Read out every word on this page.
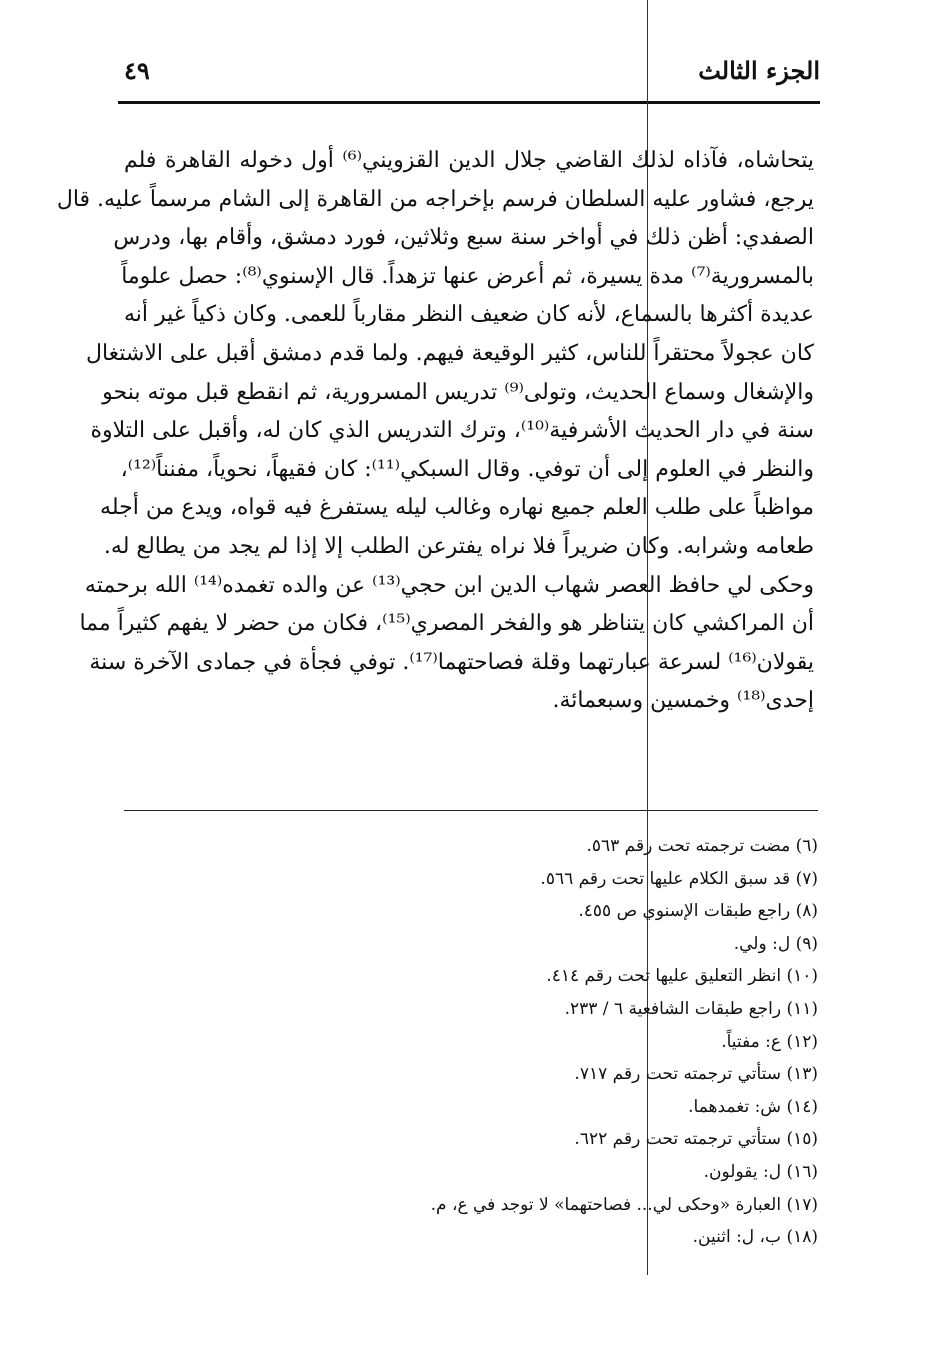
الجزء الثالث
٤٩
يتحاشاه، فآذاه لذلك القاضي جلال الدين القزويني⁽⁶⁾ أول دخوله القاهرة فلم
يرجع، فشاور عليه السلطان فرسم بإخراجه من القاهرة إلى الشام مرسماً عليه. قال
الصفدي: أظن ذلك في أواخر سنة سبع وثلاثين، فورد دمشق، وأقام بها، ودرس
بالمسرورية⁽⁷⁾ مدة يسيرة، ثم أعرض عنها تزهداً. قال الإسنوي⁽⁸⁾: حصل علوماً
عديدة أكثرها بالسماع، لأنه كان ضعيف النظر مقارباً للعمى. وكان ذكياً غير أنه
كان عجولاً محتقراً للناس، كثير الوقيعة فيهم. ولما قدم دمشق أقبل على الاشتغال
والإشغال وسماع الحديث، وتولى⁽⁹⁾ تدريس المسرورية، ثم انقطع قبل موته بنحو
سنة في دار الحديث الأشرفية⁽¹⁰⁾، وترك التدريس الذي كان له، وأقبل على التلاوة
والنظر في العلوم إلى أن توفي. وقال السبكي⁽¹¹⁾: كان فقيهاً، نحوياً، مفنناً⁽¹²⁾،
مواظباً على طلب العلم جميع نهاره وغالب ليله يستفرغ فيه قواه، ويدع من أجله
طعامه وشرابه. وكان ضريراً فلا نراه يفترعن الطلب إلا إذا لم يجد من يطالع له.
وحكى لي حافظ العصر شهاب الدين ابن حجي⁽¹³⁾ عن والده تغمده⁽¹⁴⁾ الله برحمته
أن المراكشي كان يتناظر هو والفخر المصري⁽¹⁵⁾، فكان من حضر لا يفهم كثيراً مما
يقولان⁽¹⁶⁾ لسرعة عبارتهما وقلة فصاحتهما⁽¹⁷⁾. توفي فجأة في جمادى الآخرة سنة
إحدى⁽¹⁸⁾ وخمسين وسبعمائة.
(٦) مضت ترجمته تحت رقم ٥٦٣.
(٧) قد سبق الكلام عليها تحت رقم ٥٦٦.
(٨) راجع طبقات الإسنوي ص ٤٥٥.
(٩) ل: ولي.
(١٠) انظر التعليق عليها تحت رقم ٤١٤.
(١١) راجع طبقات الشافعية ٦ / ٢٣٣.
(١٢) ع: مفتياً.
(١٣) ستأتي ترجمته تحت رقم ٧١٧.
(١٤) ش: تغمدهما.
(١٥) ستأتي ترجمته تحت رقم ٦٢٢.
(١٦) ل: يقولون.
(١٧) العبارة «وحكى لي... فصاحتهما» لا توجد في ع، م.
(١٨) ب، ل: اثنين.
